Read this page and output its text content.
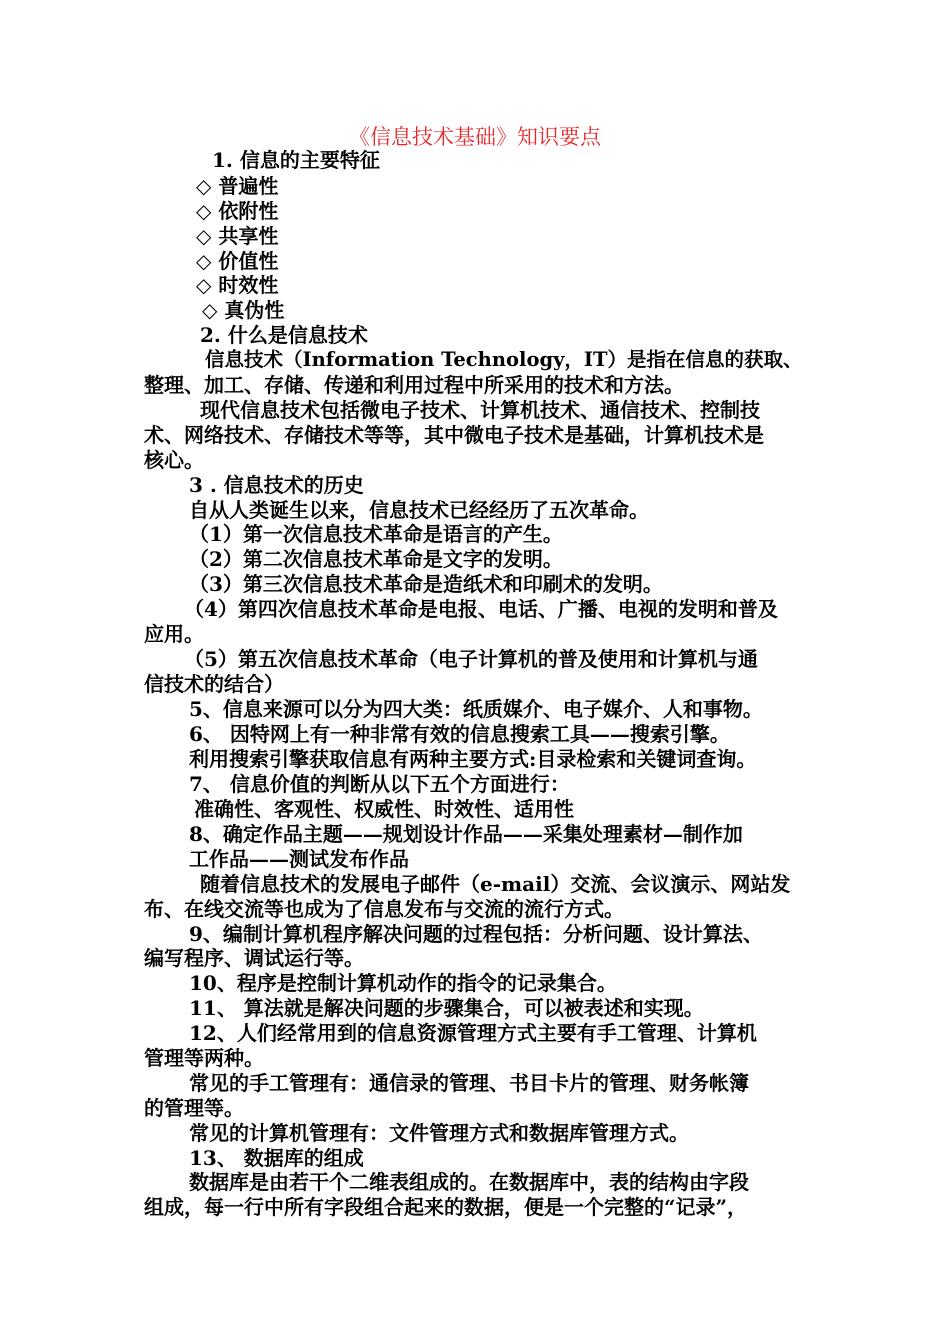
《信息技术基础》知识要点
1. 信息的主要特征
◇ 普遍性
◇ 依附性
◇ 共享性
◇ 价值性
◇ 时效性
◇ 真伪性
2. 什么是信息技术
信息技术（Information Technology，IT）是指在信息的获取、
整理、加工、存储、传递和利用过程中所采用的技术和方法。
现代信息技术包括微电子技术、计算机技术、通信技术、控制技
术、网络技术、存储技术等等，其中微电子技术是基础，计算机技术是
核心。
3 . 信息技术的历史
自从人类诞生以来，信息技术已经经历了五次革命。
（1）第一次信息技术革命是语言的产生。
（2）第二次信息技术革命是文字的发明。
（3）第三次信息技术革命是造纸术和印刷术的发明。
（4）第四次信息技术革命是电报、电话、广播、电视的发明和普及
应用。
（5）第五次信息技术革命（电子计算机的普及使用和计算机与通
信技术的结合）
5、信息来源可以分为四大类：纸质媒介、电子媒介、人和事物。
6、 因特网上有一种非常有效的信息搜索工具——搜索引擎。
利用搜索引擎获取信息有两种主要方式:目录检索和关键词查询。
7、 信息价值的判断从以下五个方面进行：
准确性、客观性、权威性、时效性、适用性
8、确定作品主题——规划设计作品——采集处理素材—制作加
工作品——测试发布作品
随着信息技术的发展电子邮件（e-mail）交流、会议演示、网站发
布、在线交流等也成为了信息发布与交流的流行方式。
9、编制计算机程序解决问题的过程包括：分析问题、设计算法、
编写程序、调试运行等。
10、程序是控制计算机动作的指令的记录集合。
11、 算法就是解决问题的步骤集合，可以被表述和实现。
12、人们经常用到的信息资源管理方式主要有手工管理、计算机
管理等两种。
常见的手工管理有：通信录的管理、书目卡片的管理、财务帐簿
的管理等。
常见的计算机管理有：文件管理方式和数据库管理方式。
13、 数据库的组成
数据库是由若干个二维表组成的。在数据库中，表的结构由字段
组成，每一行中所有字段组合起来的数据，便是一个完整的“记录”，
